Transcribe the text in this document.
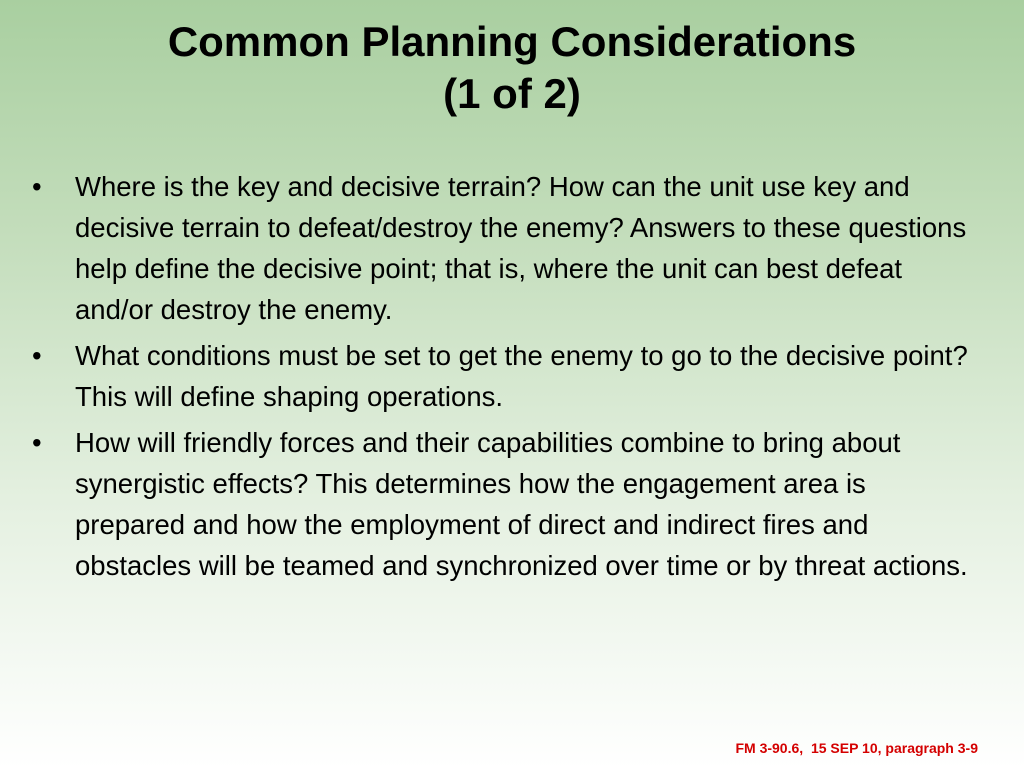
Common Planning Considerations
(1 of 2)
• Where is the key and decisive terrain? How can the unit use key and decisive terrain to defeat/destroy the enemy? Answers to these questions help define the decisive point; that is, where the unit can best defeat and/or destroy the enemy.
• What conditions must be set to get the enemy to go to the decisive point? This will define shaping operations.
• How will friendly forces and their capabilities combine to bring about synergistic effects? This determines how the engagement area is prepared and how the employment of direct and indirect fires and obstacles will be teamed and synchronized over time or by threat actions.
FM 3-90.6,  15 SEP 10, paragraph 3-9
